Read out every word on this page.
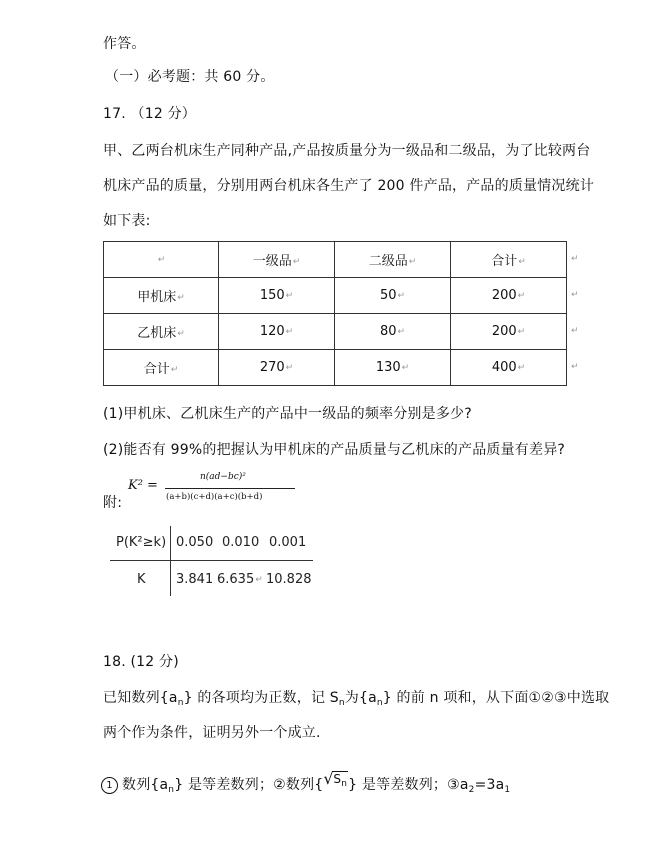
作答。
（一）必考题：共 60 分。
17. （12 分）
甲、乙两台机床生产同种产品,产品按质量分为一级品和二级品，为了比较两台
机床产品的质量，分别用两台机床各生产了 200 件产品，产品的质量情况统计
如下表:
↵	一级品↵	二级品↵	合计↵
甲机床↵	150↵	50↵	200↵
乙机床↵	120↵	80↵	200↵
合计↵	270↵	130↵	400↵
↵
↵
↵
↵
(1)甲机床、乙机床生产的产品中一级品的频率分别是多少?
(2)能否有 99%的把握认为甲机床的产品质量与乙机床的产品质量有差异?
附:
K² =
n(ad−bc)²
(a+b)(c+d)(a+c)(b+d)
P(K²≥k) 0.050 0.010 0.001
K 3.841 6.635↵ 10.828
18. (12 分)
已知数列$\{a_n\}$ 的各项均为正数，记 $S_n$为$\{a_n\}$ 的前 n 项和，从下面①②③中选取
两个作为条件，证明另外一个成立.
1 数列$\{a_n\}$ 是等差数列；②数列{ √ $S_n$} 是等差数列；$③a_2=3a_1$
